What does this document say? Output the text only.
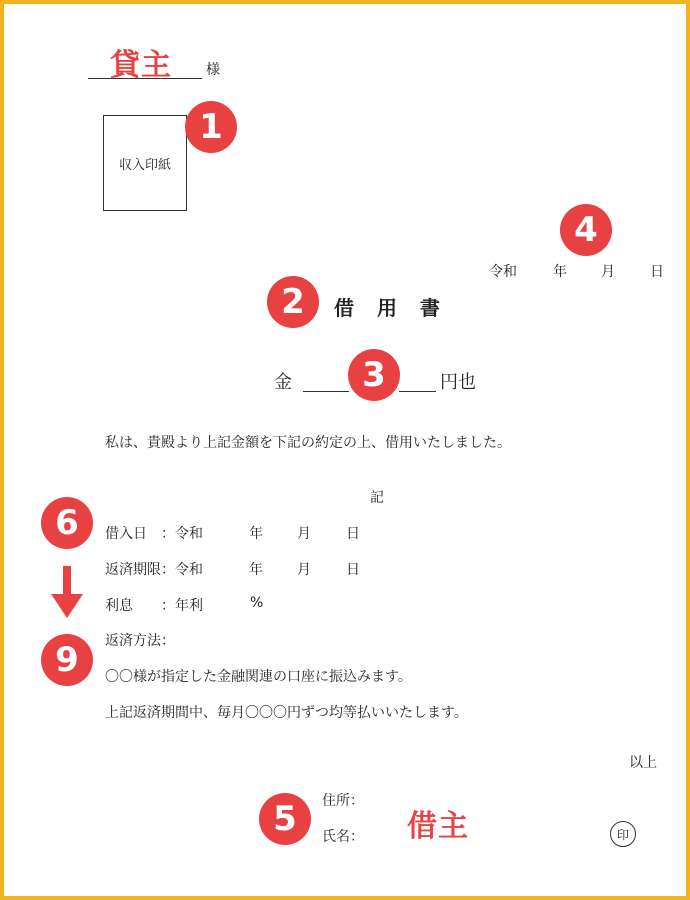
貸主 様
収入印紙
1
4
令和	年 月	日
2	借 用 書
金	3	円也
私は、貴殿より上記金額を下記の約定の上、借用いたしました。
記
6
9
借入日　：令和	年 月	日
返済期限：令和	年 月	日
利息　　：年利	%
返済方法：
〇〇様が指定した金融関連の口座に振込みます。
上記返済期間中、毎月〇〇〇円ずつ均等払いいたします。
以上
5	住所：
氏名： 借主	印
